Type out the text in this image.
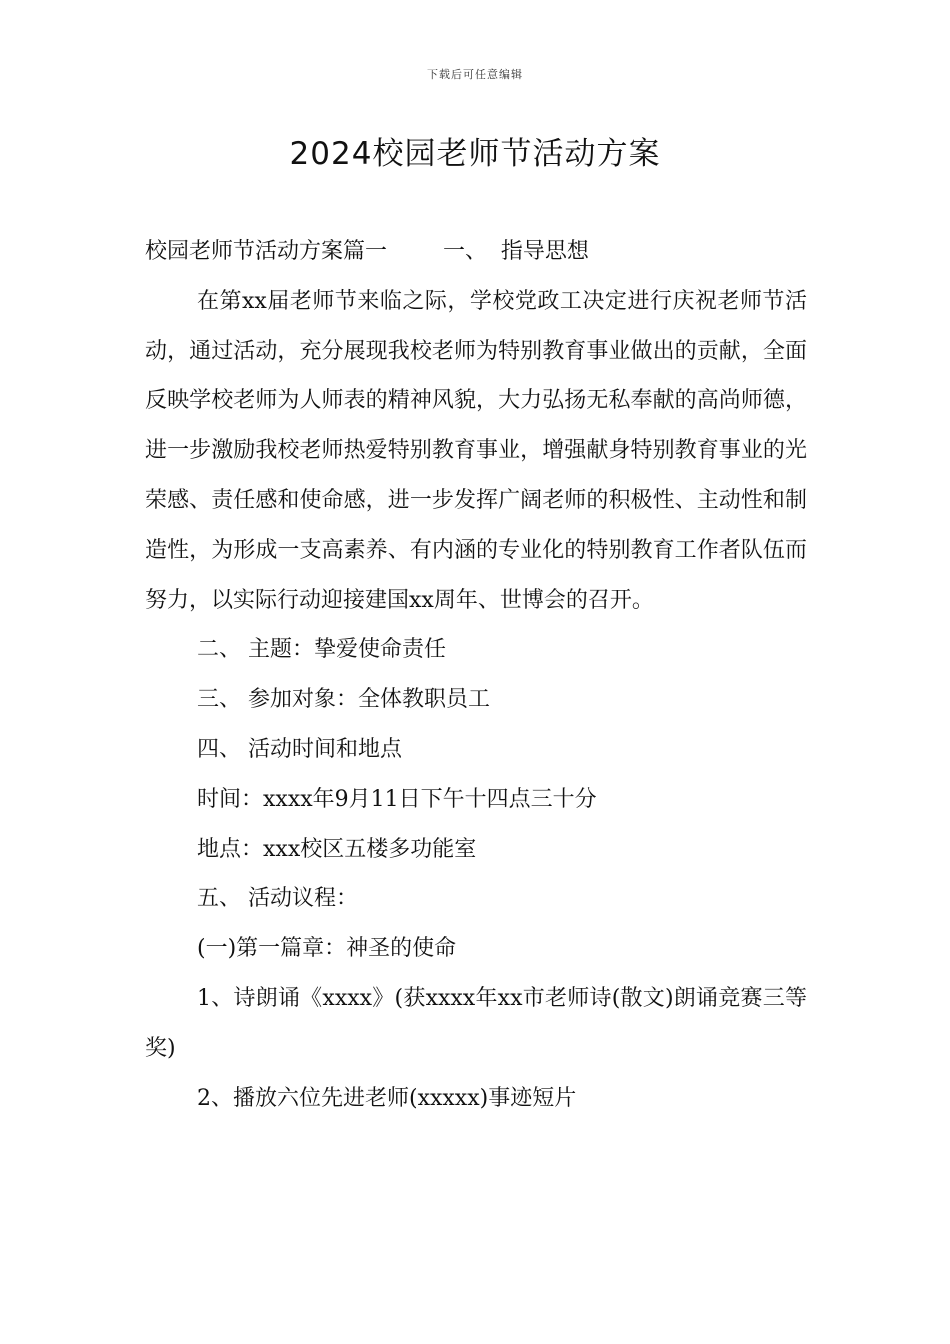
下载后可任意编辑
2024校园老师节活动方案

校园老师节活动方案篇一        一、  指导思想

在第xx届老师节来临之际，学校党政工决定进行庆祝老师节活动，通过活动，充分展现我校老师为特别教育事业做出的贡献，全面反映学校老师为人师表的精神风貌，大力弘扬无私奉献的高尚师德，进一步激励我校老师热爱特别教育事业，增强献身特别教育事业的光荣感、责任感和使命感，进一步发挥广阔老师的积极性、主动性和制造性，为形成一支高素养、有内涵的专业化的特别教育工作者队伍而努力，以实际行动迎接建国xx周年、世博会的召开。

二、 主题：挚爱使命责任

三、 参加对象：全体教职员工

四、 活动时间和地点

时间：xxxx年9月11日下午十四点三十分

地点：xxx校区五楼多功能室

五、 活动议程：

(一)第一篇章：神圣的使命

1、诗朗诵《xxxx》(获xxxx年xx市老师诗(散文)朗诵竞赛三等奖)

2、播放六位先进老师(xxxxx)事迹短片
